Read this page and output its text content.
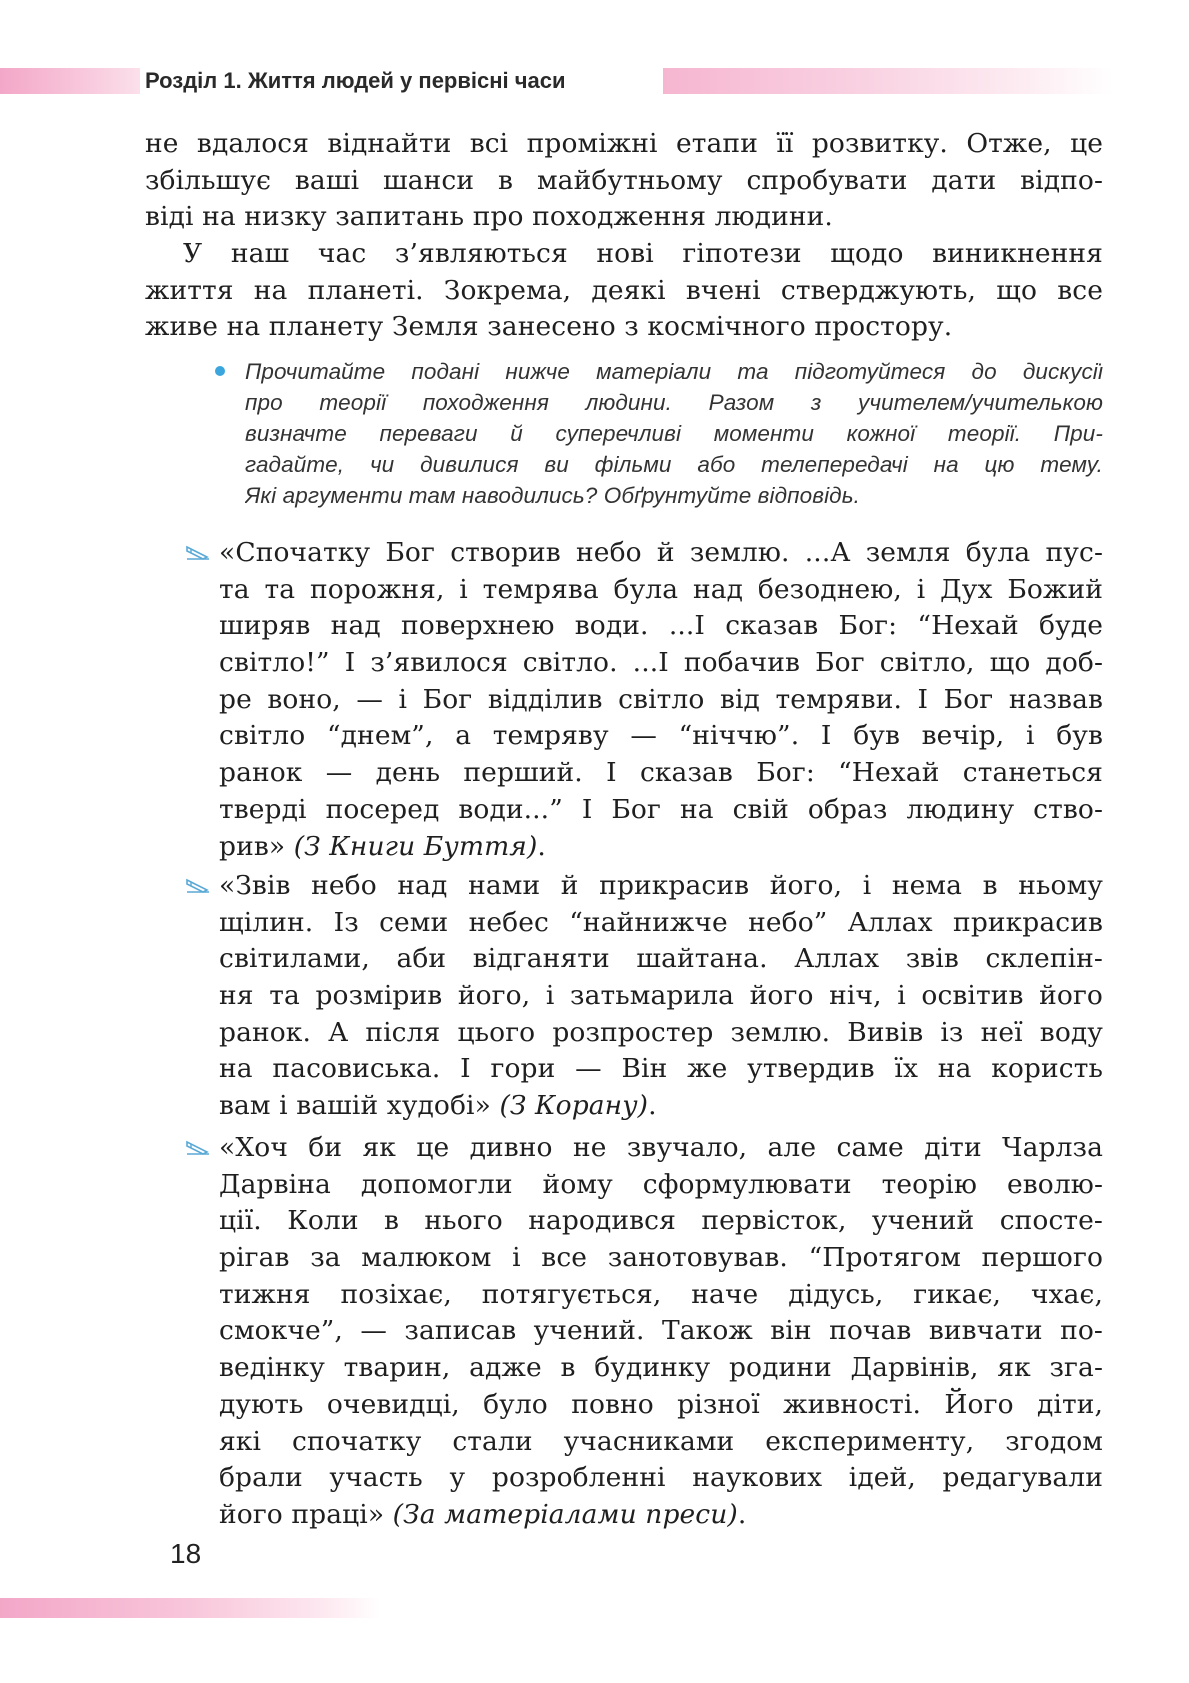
Розділ 1. Життя людей у первісні часи
не вдалося віднайти всі проміжні етапи її розвитку. Отже, це
збільшує ваші шанси в майбутньому спробувати дати відпо-
віді на низку запитань про походження людини.
У наш час з’являються нові гіпотези щодо виникнення
життя на планеті. Зокрема, деякі вчені стверджують, що все
живе на планету Земля занесено з космічного простору.
Прочитайте подані нижче матеріали та підготуйтеся до дискусії
про теорії походження людини. Разом з учителем/учителькою
визначте переваги й суперечливі моменти кожної теорії. При-
гадайте, чи дивилися ви фільми або телепередачі на цю тему.
Які аргументи там наводились? Обґрунтуйте відповідь.
«Спочатку Бог створив небо й землю. ...А земля була пус-
та та порожня, і темрява була над безоднею, і Дух Божий
ширяв над поверхнею води. ...І сказав Бог: “Нехай буде
світло!” І з’явилося світло. ...І побачив Бог світло, що доб-
ре воно, — і Бог відділив світло від темряви. І Бог назвав
світло “днем”, а темряву — “ніччю”. І був вечір, і був
ранок — день перший. І сказав Бог: “Нехай станеться
тверді посеред води...” І Бог на свій образ людину ство-
рив» (З Книги Буття).
«Звів небо над нами й прикрасив його, і нема в ньому
щілин. Із семи небес “найнижче небо” Аллах прикрасив
світилами, аби відганяти шайтана. Аллах звів склепін-
ня та розмірив його, і затьмарила його ніч, і освітив його
ранок. А після цього розпростер землю. Вивів із неї воду
на пасовиська. І гори — Він же утвердив їх на користь
вам і вашій худобі» (З Корану).
«Хоч би як це дивно не звучало, але саме діти Чарлза
Дарвіна допомогли йому сформулювати теорію еволю-
ції. Коли в нього народився первісток, учений спосте-
рігав за малюком і все занотовував. “Протягом першого
тижня позіхає, потягується, наче дідусь, гикає, чхає,
смокче”, — записав учений. Також він почав вивчати по-
ведінку тварин, адже в будинку родини Дарвінів, як зга-
дують очевидці, було повно різної живності. Його діти,
які спочатку стали учасниками експерименту, згодом
брали участь у розробленні наукових ідей, редагували
його праці» (За матеріалами преси).
18
